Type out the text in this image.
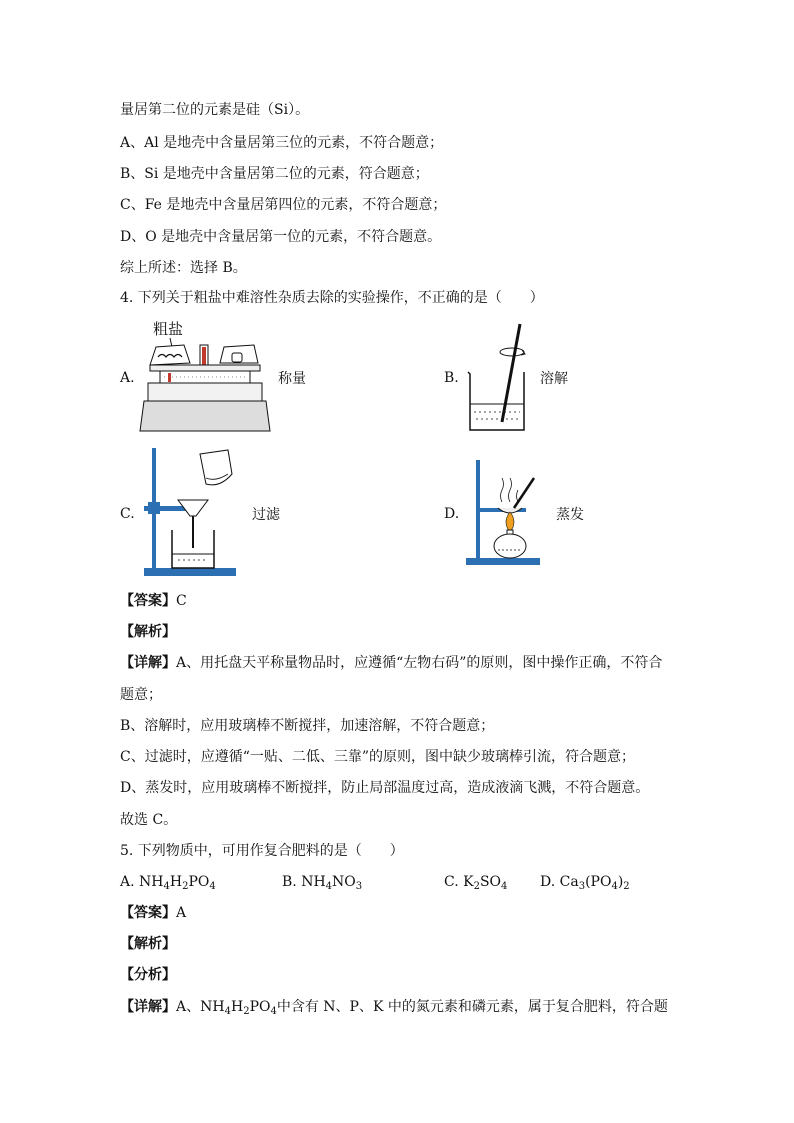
量居第二位的元素是硅（Si）。
A、Al 是地壳中含量居第三位的元素，不符合题意；
B、Si 是地壳中含量居第二位的元素，符合题意；
C、Fe 是地壳中含量居第四位的元素，不符合题意；
D、O 是地壳中含量居第一位的元素，不符合题意。
综上所述：选择 B。
4. 下列关于粗盐中难溶性杂质去除的实验操作，不正确的是（　　）
A.
粗盐
称量	B.	溶解
C.	过滤	D.	蒸发
【答案】C
【解析】
【详解】A、用托盘天平称量物品时，应遵循“左物右码”的原则，图中操作正确，不符合
题意；
B、溶解时，应用玻璃棒不断搅拌，加速溶解，不符合题意；
C、过滤时，应遵循“一贴、二低、三靠”的原则，图中缺少玻璃棒引流，符合题意；
D、蒸发时，应用玻璃棒不断搅拌，防止局部温度过高，造成液滴飞溅，不符合题意。
故选 C。
5. 下列物质中，可用作复合肥料的是（　　）
A. $NH_4H_2PO_4$	B. $NH_4NO_3$	C. $K_2SO_4$ D. $Ca_3(PO_4)_2$
【答案】A
【解析】
【分析】
【详解】A、$NH_4H_2PO_4$中含有 N、P、K 中的氮元素和磷元素，属于复合肥料，符合题
